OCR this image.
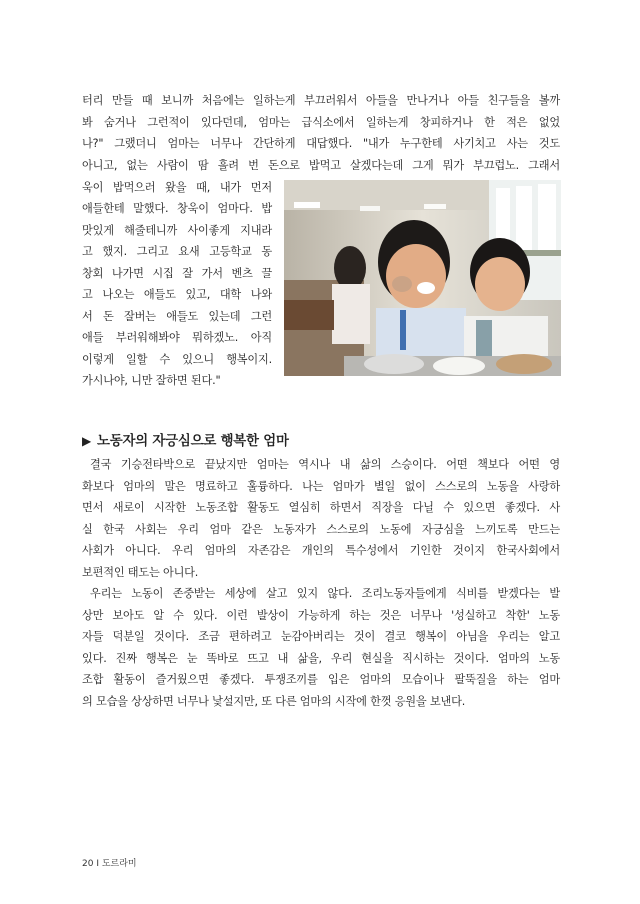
터리 만들 때 보니까 처음에는 일하는게 부끄러워서 아들을 만나거나 아들 친구들을 볼까
봐 숨거나 그런적이 있다던데, 엄마는 급식소에서 일하는게 창피하거나 한 적은 없었
나?" 그랬더니 엄마는 너무나 간단하게 대답했다. "내가 누구한테 사기치고 사는 것도
아니고, 없는 사람이 땀 흘려 번 돈으로 밥먹고 살겠다는데 그게 뭐가 부끄럽노. 그래서
욱이 밥먹으러 왔을 때, 내가 먼저
애들한테 말했다. 창욱이 엄마다. 밥
맛있게 해줄테니까 사이좋게 지내라
고 했지. 그리고 요새 고등학교 동
창회 나가면 시집 잘 가서 벤츠 끌
고 나오는 애들도 있고, 대학 나와
서 돈 잘버는 애들도 있는데 그런
애들 부러워해봐야 뭐하겠노. 아직
이렇게 일할 수 있으니 행복이지.
가시나야, 니만 잘하면 된다."
▶ 노동자의 자긍심으로 행복한 엄마
결국 기승전타박으로 끝났지만 엄마는 역시나 내 삶의 스승이다. 어떤 책보다 어떤 영
화보다 엄마의 말은 명료하고 훌륭하다. 나는 엄마가 별일 없이 스스로의 노동을 사랑하
면서 새로이 시작한 노동조합 활동도 열심히 하면서 직장을 다닐 수 있으면 좋겠다. 사
실 한국 사회는 우리 엄마 같은 노동자가 스스로의 노동에 자긍심을 느끼도록 만드는
사회가 아니다. 우리 엄마의 자존감은 개인의 특수성에서 기인한 것이지 한국사회에서
보편적인 태도는 아니다.
우리는 노동이 존중받는 세상에 살고 있지 않다. 조리노동자들에게 식비를 받겠다는 발
상만 보아도 알 수 있다. 이런 발상이 가능하게 하는 것은 너무나 '성실하고 착한' 노동
자들 덕분일 것이다. 조금 편하려고 눈감아버리는 것이 결코 행복이 아님을 우리는 알고
있다. 진짜 행복은 눈 똑바로 뜨고 내 삶을, 우리 현실을 직시하는 것이다. 엄마의 노동
조합 활동이 즐거웠으면 좋겠다. 투쟁조끼를 입은 엄마의 모습이나 팔뚝질을 하는 엄마
의 모습을 상상하면 너무나 낯설지만, 또 다른 엄마의 시작에 한껏 응원을 보낸다.
20 I 도르라미
